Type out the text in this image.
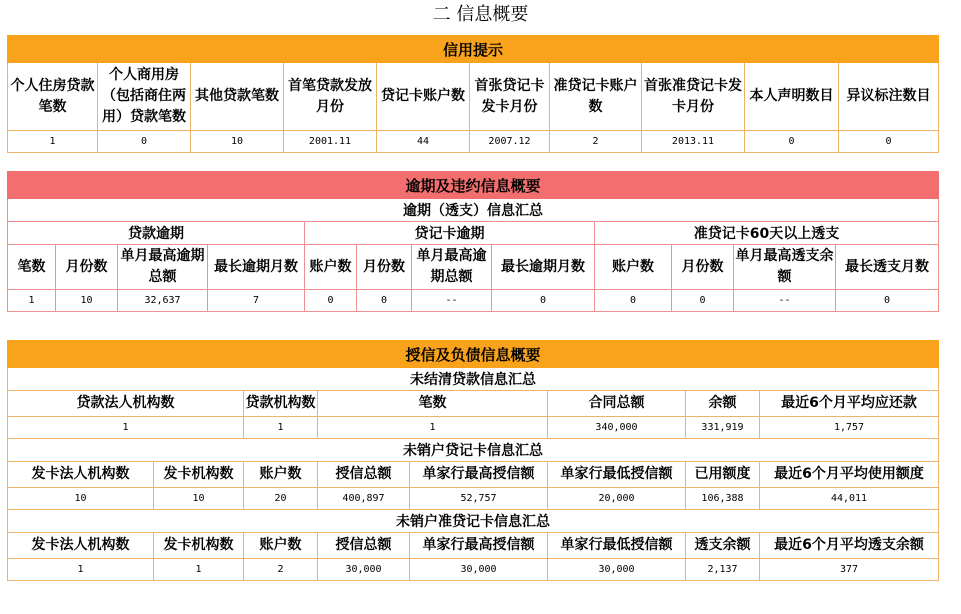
二 信息概要
信用提示									
个人住房贷款笔数	个人商用房（包括商住两用）贷款笔数	其他贷款笔数	首笔贷款发放月份	贷记卡账户数	首张贷记卡发卡月份	准贷记卡账户数	首张准贷记卡发卡月份	本人声明数目	异议标注数目
1	0	10	2001.11	44	2007.12	2	2013.11	0	0
逾期及违约信息概要											
逾期（透支）信息汇总											
贷款逾期				贷记卡逾期				准贷记卡60天以上透支			
笔数	月份数	单月最高逾期总额	最长逾期月数	账户数	月份数	单月最高逾期总额	最长逾期月数	账户数	月份数	单月最高透支余额	最长透支月数
1	10	32,637	7	0	0	--	0	0	0	--	0
授信及负债信息概要							
未结清贷款信息汇总							
贷款法人机构数		贷款机构数	笔数		合同总额	余额	最近6个月平均应还款
1		1	1		340,000	331,919	1,757
未销户贷记卡信息汇总							
发卡法人机构数	发卡机构数	账户数	授信总额	单家行最高授信额	单家行最低授信额	已用额度	最近6个月平均使用额度
10	10	20	400,897	52,757	20,000	106,388	44,011
未销户准贷记卡信息汇总							
发卡法人机构数	发卡机构数	账户数	授信总额	单家行最高授信额	单家行最低授信额	透支余额	最近6个月平均透支余额
1	1	2	30,000	30,000	30,000	2,137	377
